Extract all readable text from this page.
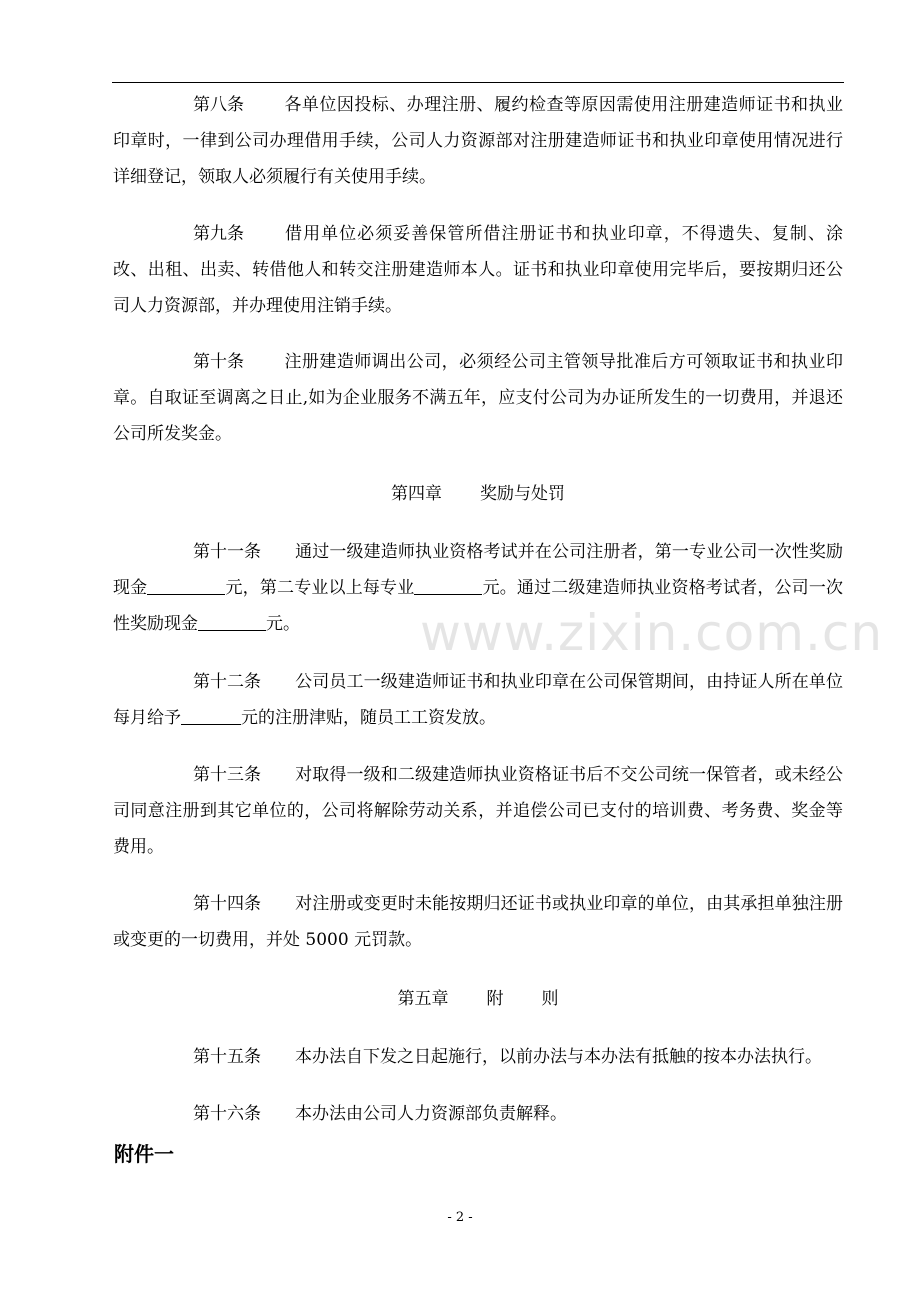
第八条 各单位因投标、办理注册、履约检查等原因需使用注册建造师证书和执业印章时，一律到公司办理借用手续，公司人力资源部对注册建造师证书和执业印章使用情况进行详细登记，领取人必须履行有关使用手续。

第九条 借用单位必须妥善保管所借注册证书和执业印章，不得遗失、复制、涂改、出租、出卖、转借他人和转交注册建造师本人。证书和执业印章使用完毕后，要按期归还公司人力资源部，并办理使用注销手续。

第十条 注册建造师调出公司，必须经公司主管领导批准后方可领取证书和执业印章。自取证至调离之日止,如为企业服务不满五年，应支付公司为办证所发生的一切费用，并退还公司所发奖金。

第四章 奖励与处罚

第十一条 通过一级建造师执业资格考试并在公司注册者，第一专业公司一次性奖励现金	元，第二专业以上每专业	元。通过二级建造师执业资格考试者，公司一次性奖励现金	元。

第十二条 公司员工一级建造师证书和执业印章在公司保管期间，由持证人所在单位每月给予	元的注册津贴，随员工工资发放。

第十三条 对取得一级和二级建造师执业资格证书后不交公司统一保管者，或未经公司同意注册到其它单位的，公司将解除劳动关系，并追偿公司已支付的培训费、考务费、奖金等费用。

第十四条 对注册或变更时未能按期归还证书或执业印章的单位，由其承担单独注册或变更的一切费用，并处 5000 元罚款。

第五章 附 则

第十五条 本办法自下发之日起施行，以前办法与本办法有抵触的按本办法执行。

第十六条 本办法由公司人力资源部负责解释。

附件一

- 2 -
www.zixin.com.cn
